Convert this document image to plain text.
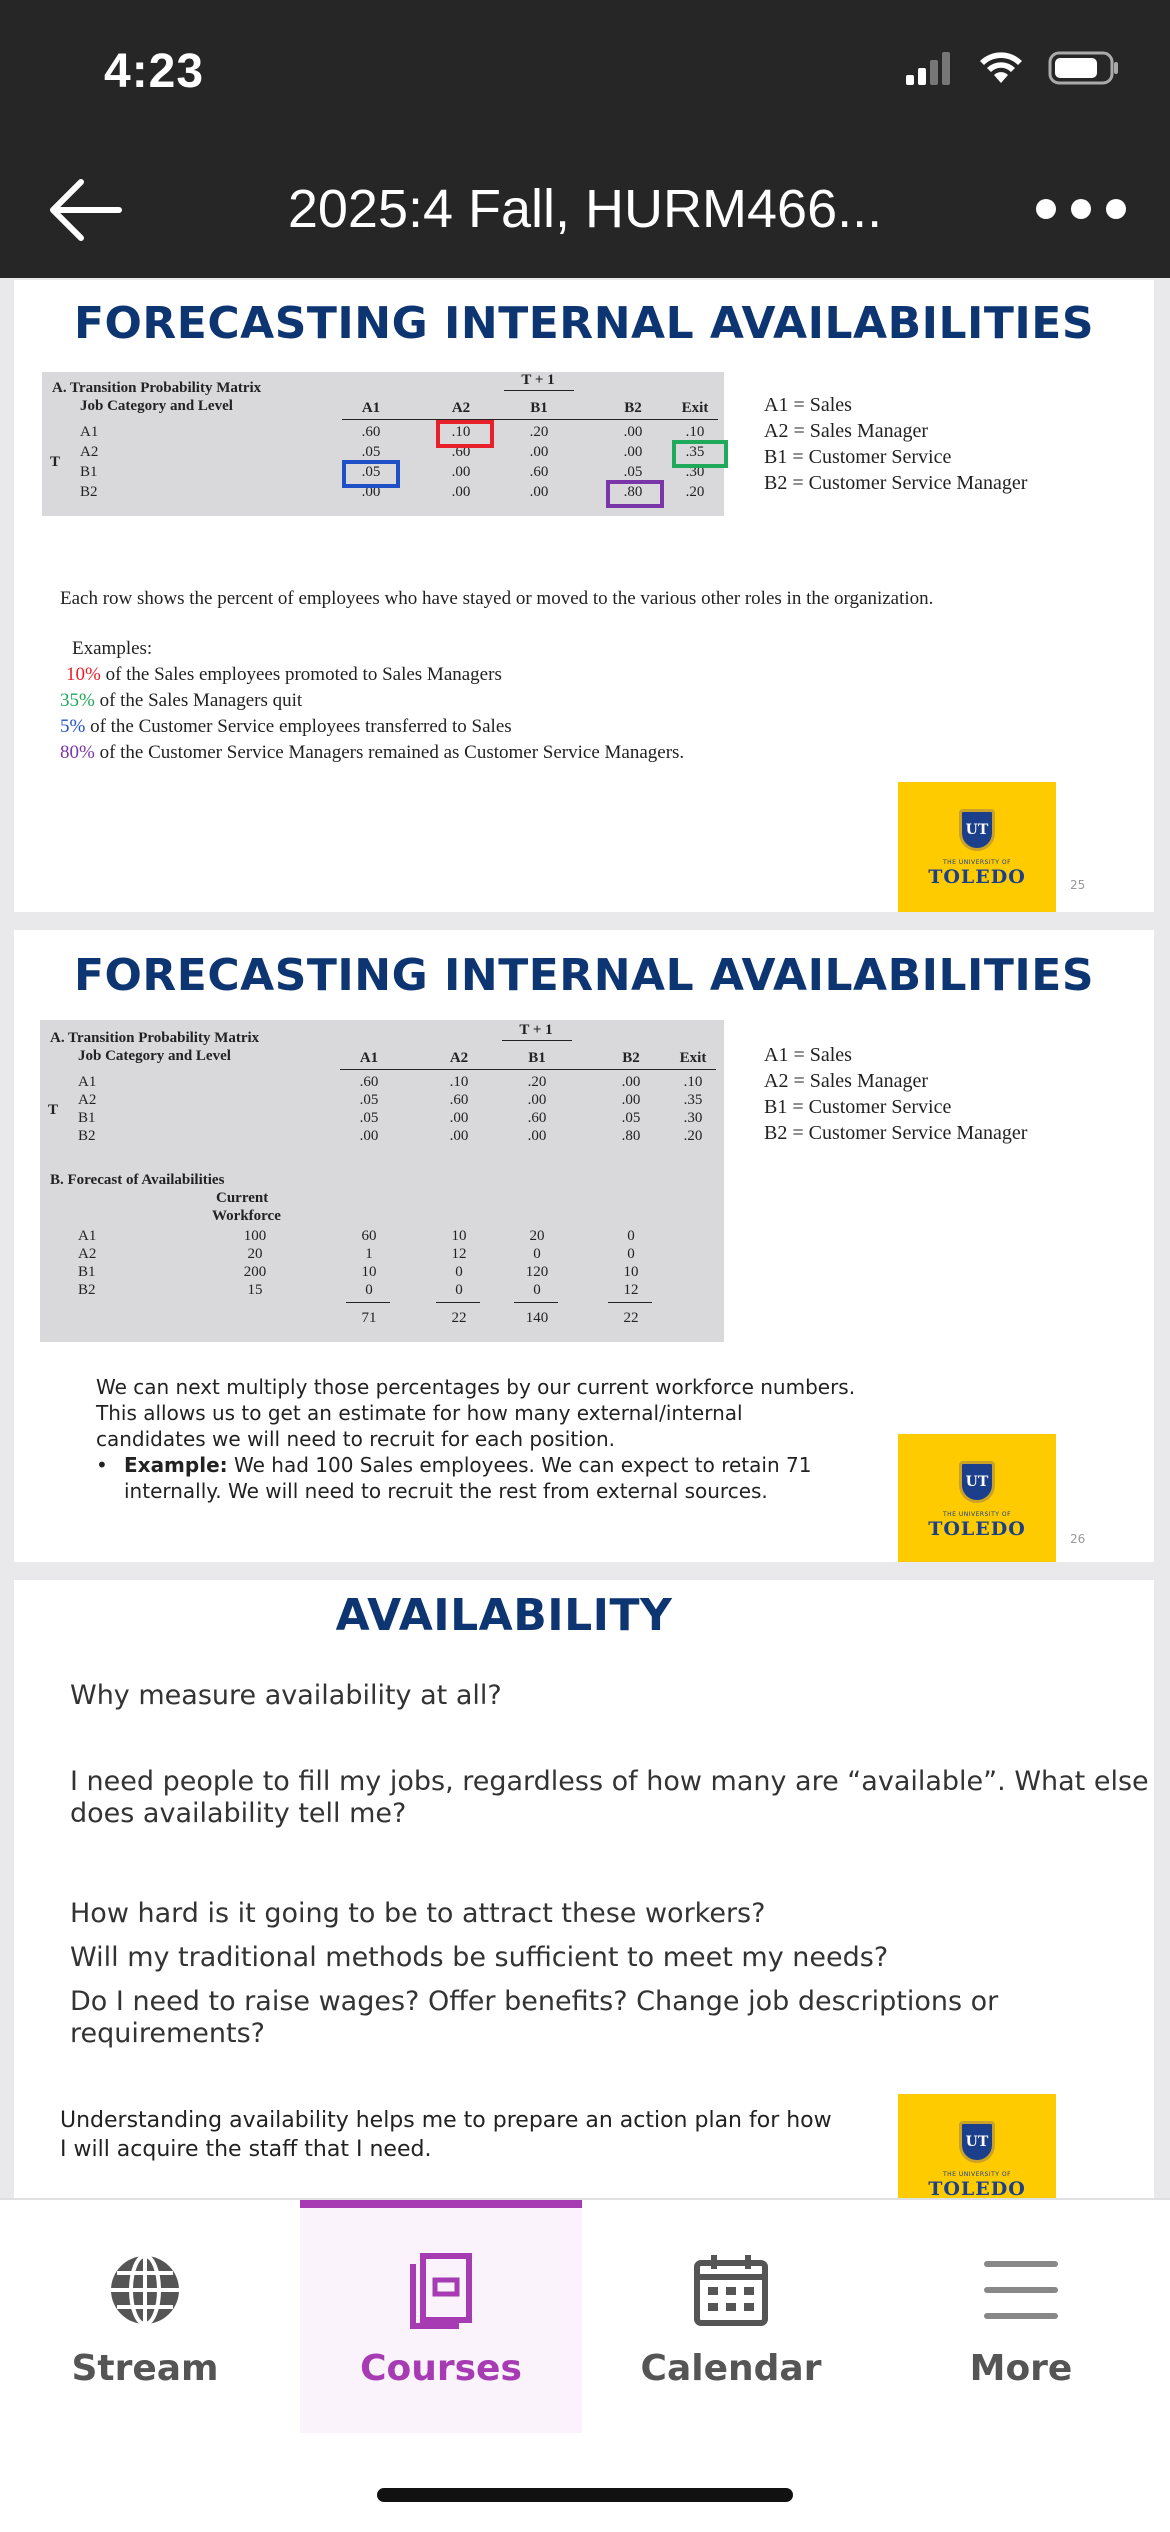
4:23
2025:4 Fall, HURM466...
FORECASTING INTERNAL AVAILABILITIES
A. Transition Probability Matrix
Job Category and Level
T + 1
A1	A2	B1	B2	Exit
T
A1	.60	.10	.20	.00	.10
A2	.05	.60	.00	.00	.35
B1	.05	.00	.60	.05	.30
B2	.00	.00	.00	.80	.20
A1 = Sales
A2 = Sales Manager
B1 = Customer Service
B2 = Customer Service Manager
Each row shows the percent of employees who have stayed or moved to the various other roles in the organization.
Examples:
10% of the Sales employees promoted to Sales Managers
35% of the Sales Managers quit
5% of the Customer Service employees transferred to Sales
80% of the Customer Service Managers remained as Customer Service Managers.
UT
THE UNIVERSITY OF
TOLEDO	25
FORECASTING INTERNAL AVAILABILITIES
A. Transition Probability Matrix
Job Category and Level
T + 1
A1	A2	B1	B2	Exit
T
A1	.60	.10	.20	.00	.10
A2	.05	.60	.00	.00	.35
B1	.05	.00	.60	.05	.30
B2	.00	.00	.00	.80	.20
B. Forecast of Availabilities
Current
Workforce
A1	100	60	10	20	0
A2	20	1	12	0	0
B1	200	10	0	120	10
B2	15	0	0	0	12
71	22	140	22
A1 = Sales
A2 = Sales Manager
B1 = Customer Service
B2 = Customer Service Manager
We can next multiply those percentages by our current workforce numbers.
This allows us to get an estimate for how many external/internal
candidates we will need to recruit for each position.
• Example: We had 100 Sales employees. We can expect to retain 71
internally. We will need to recruit the rest from external sources.	UT
THE UNIVERSITY OF
TOLEDO	26
AVAILABILITY
Why measure availability at all?
I need people to fill my jobs, regardless of how many are “available”. What else
does availability tell me?
How hard is it going to be to attract these workers?
Will my traditional methods be sufficient to meet my needs?
Do I need to raise wages? Offer benefits? Change job descriptions or
requirements?
Understanding availability helps me to prepare an action plan for how
I will acquire the staff that I need.	UT
THE UNIVERSITY OF
TOLEDO
Stream	Courses	Calendar	More
